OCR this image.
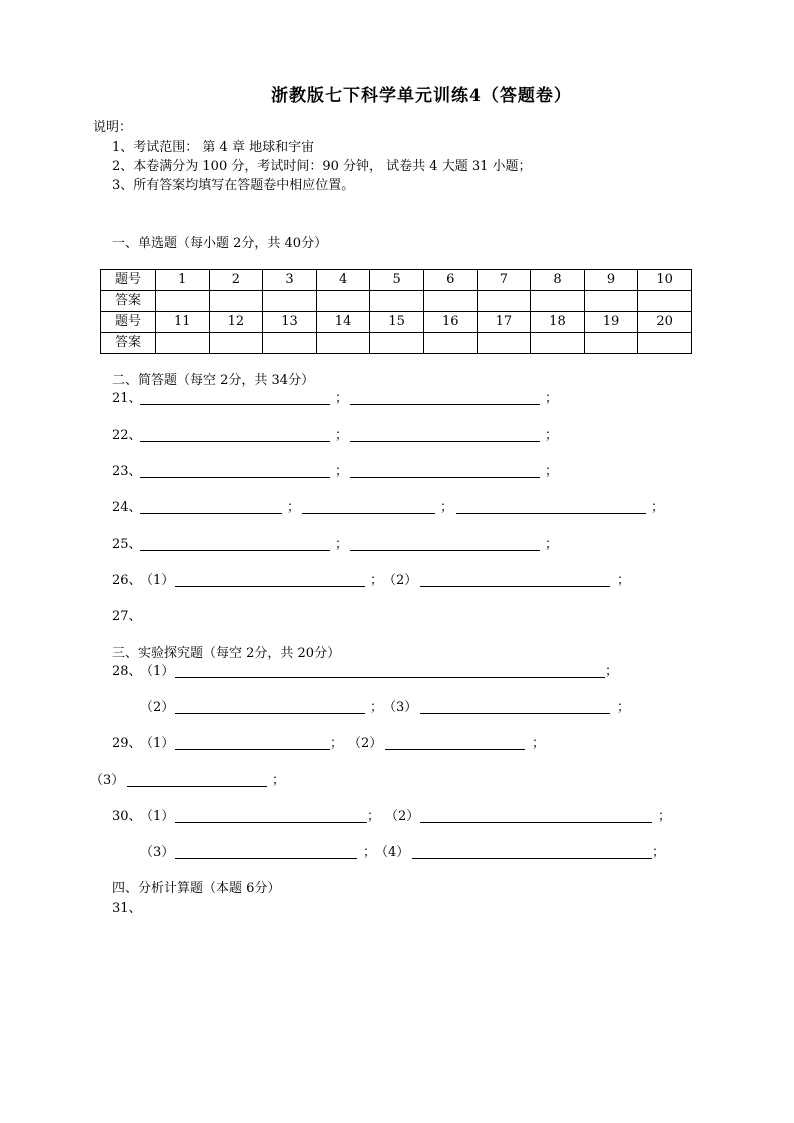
浙教版七下科学单元训练4（答题卷）
说明：
1、考试范围： 第 4 章 地球和宇宙
2、本卷满分为 100 分，考试时间：90 分钟， 试卷共 4 大题 31 小题；
3、所有答案均填写在答题卷中相应位置。
一、单选题（每小题 2分，共 40分）
题号	1	2	3	4	5	6	7	8	9	10
答案										
题号	11	12	13	14	15	16	17	18	19	20
答案										
二、简答题（每空 2分，共 34分）
21、	；	；
22、	；	；
23、	；	；
24、	；	；	；
25、	；	；
26、
（1）	； （2）	；
27、
三、实验探究题（每空 2分，共 20分）
28、
（1）	；
（2）	； （3）	；
29、
（1）	； （2）	；
（3）	；
30、
（1）	； （2）	；
（3）	；
（4）	；
四、分析计算题（本题 6分）
31、
